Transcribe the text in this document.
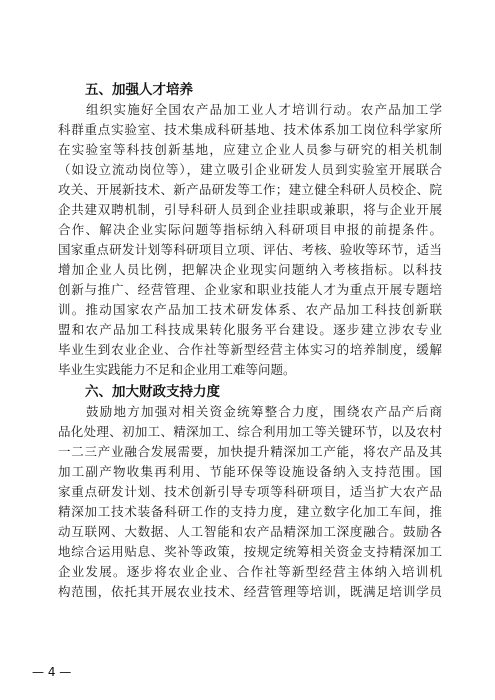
五、加强人才培养
组织实施好全国农产品加工业人才培训行动。农产品加工学
科群重点实验室、技术集成科研基地、技术体系加工岗位科学家所
在实验室等科技创新基地，应建立企业人员参与研究的相关机制
（如设立流动岗位等），建立吸引企业研发人员到实验室开展联合
攻关、开展新技术、新产品研发等工作；建立健全科研人员校企、院
企共建双聘机制，引导科研人员到企业挂职或兼职，将与企业开展
合作、解决企业实际问题等指标纳入科研项目申报的前提条件。
国家重点研发计划等科研项目立项、评估、考核、验收等环节，适当
增加企业人员比例，把解决企业现实问题纳入考核指标。以科技
创新与推广、经营管理、企业家和职业技能人才为重点开展专题培
训。推动国家农产品加工技术研发体系、农产品加工科技创新联
盟和农产品加工科技成果转化服务平台建设。逐步建立涉农专业
毕业生到农业企业、合作社等新型经营主体实习的培养制度，缓解
毕业生实践能力不足和企业用工难等问题。
六、加大财政支持力度
鼓励地方加强对相关资金统筹整合力度，围绕农产品产后商
品化处理、初加工、精深加工、综合利用加工等关键环节，以及农村
一二三产业融合发展需要，加快提升精深加工产能，将农产品及其
加工副产物收集再利用、节能环保等设施设备纳入支持范围。国
家重点研发计划、技术创新引导专项等科研项目，适当扩大农产品
精深加工技术装备科研工作的支持力度，建立数字化加工车间，推
动互联网、大数据、人工智能和农产品精深加工深度融合。鼓励各
地综合运用贴息、奖补等政策，按规定统筹相关资金支持精深加工
企业发展。逐步将农业企业、合作社等新型经营主体纳入培训机
构范围，依托其开展农业技术、经营管理等培训，既满足培训学员
— 4 —
